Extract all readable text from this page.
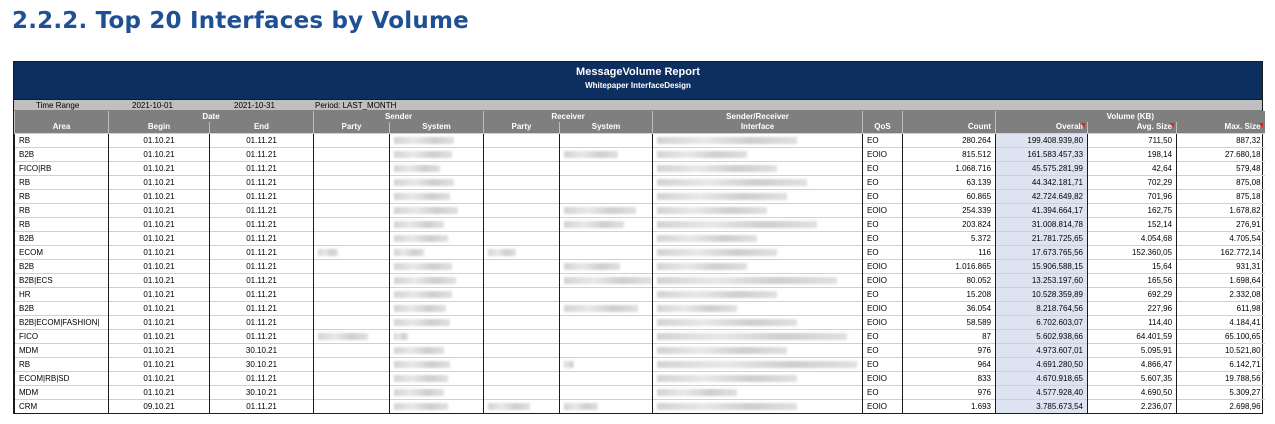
2.2.2. Top 20 Interfaces by Volume
MessageVolume Report
Whitepaper InterfaceDesign
Time Range	2021-10-01	2021-10-31	Period: LAST_MONTH
	Date		Sender		Receiver		Sender/Receiver			Volume (KB)		
Area	Begin	End	Party	System	Party	System	Interface	QoS	Count	Overall	Avg. Size	Max. Size
RB	01.10.21	01.11.21						EO	280.264	199.408.939,80	711,50	887,32
B2B	01.10.21	01.11.21						EOIO	815.512	161.583.457,33	198,14	27.680,18
FICO|RB	01.10.21	01.11.21						EO	1.068.716	45.575.281,99	42,64	579,48
RB	01.10.21	01.11.21						EO	63.139	44.342.181,71	702,29	875,08
RB	01.10.21	01.11.21						EO	60.865	42.724.649,82	701,96	875,18
RB	01.10.21	01.11.21						EOIO	254.339	41.394.664,17	162,75	1.678,82
RB	01.10.21	01.11.21						EO	203.824	31.008.814,78	152,14	276,91
B2B	01.10.21	01.11.21						EO	5.372	21.781.725,65	4.054,68	4.705,54
ECOM	01.10.21	01.11.21						EO	116	17.673.765,56	152.360,05	162.772,14
B2B	01.10.21	01.11.21						EOIO	1.016.865	15.906.588,15	15,64	931,31
B2B|ECS	01.10.21	01.11.21						EOIO	80.052	13.253.197,60	165,56	1.698,64
HR	01.10.21	01.11.21						EO	15.208	10.528.359,89	692,29	2.332,08
B2B	01.10.21	01.11.21						EOIO	36.054	8.218.764,56	227,96	611,98
B2B|ECOM|FASHION|	01.10.21	01.11.21						EOIO	58.589	6.702.603,07	114,40	4.184,41
FICO	01.10.21	01.11.21						EO	87	5.602.938,66	64.401,59	65.100,65
MDM	01.10.21	30.10.21						EO	976	4.973.607,01	5.095,91	10.521,80
RB	01.10.21	30.10.21						EO	964	4.691.280,50	4.866,47	6.142,71
ECOM|RB|SD	01.10.21	01.11.21						EOIO	833	4.670.918,65	5.607,35	19.788,56
MDM	01.10.21	30.10.21						EO	976	4.577.928,40	4.690,50	5.309,27
CRM	09.10.21	01.11.21						EOIO	1.693	3.785.673,54	2.236,07	2.698,96
